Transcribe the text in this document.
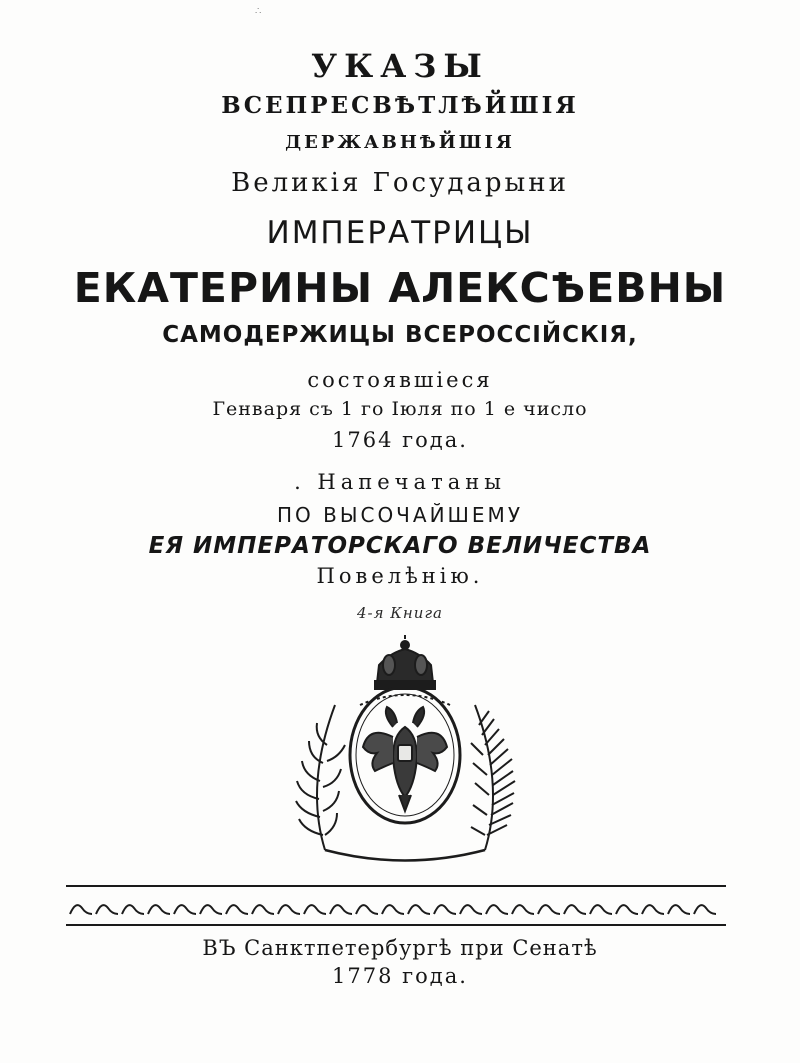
∴
УКАЗЫ
ВСЕПРЕСВѢТЛѢЙШІЯ
ДЕРЖАВНѢЙШІЯ
Великія Государыни
ИМПЕРАТРИЦЫ
ЕКАТЕРИНЫ АЛЕКСѢЕВНЫ
САМОДЕРЖИЦЫ ВСЕРОССІЙСКІЯ,
состоявшіеся
Генваря съ 1 го Іюля по 1 е число
1764 года.
. Напечатаны
ПО ВЫСОЧАЙШЕМУ
ЕЯ ИМПЕРАТОРСКАГО ВЕЛИЧЕСТВА
Повелѣнію.
4-я Книга
ВЪ Санктпетербургѣ при Сенатѣ
1778 года.
